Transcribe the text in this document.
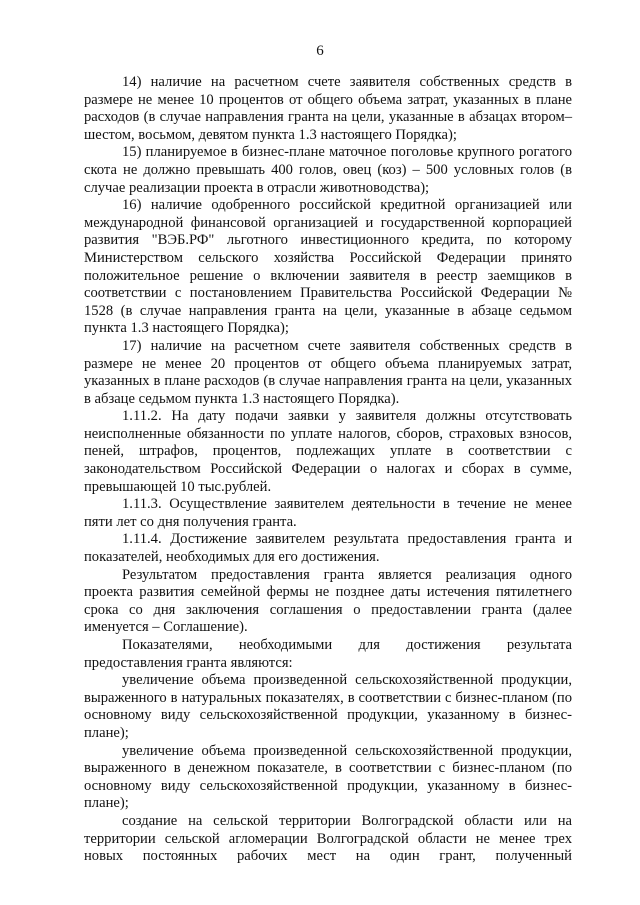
6

14) наличие на расчетном счете заявителя собственных средств в размере не менее 10 процентов от общего объема затрат, указанных в плане расходов (в случае направления гранта на цели, указанные в абзацах втором–шестом, восьмом, девятом пункта 1.3 настоящего Порядка);

15) планируемое в бизнес-плане маточное поголовье крупного рогатого скота не должно превышать 400 голов, овец (коз) – 500 условных голов (в случае реализации проекта в отрасли животноводства);

16) наличие одобренного российской кредитной организацией или международной финансовой организацией и государственной корпорацией развития "ВЭБ.РФ" льготного инвестиционного кредита, по которому Министерством сельского хозяйства Российской Федерации принято положительное решение о включении заявителя в реестр заемщиков в соответствии с постановлением Правительства Российской Федерации № 1528 (в случае направления гранта на цели, указанные в абзаце седьмом пункта 1.3 настоящего Порядка);

17) наличие на расчетном счете заявителя собственных средств в размере не менее 20 процентов от общего объема планируемых затрат, указанных в плане расходов (в случае направления гранта на цели, указанных в абзаце седьмом пункта 1.3 настоящего Порядка).

1.11.2. На дату подачи заявки у заявителя должны отсутствовать неисполненные обязанности по уплате налогов, сборов, страховых взносов, пеней, штрафов, процентов, подлежащих уплате в соответствии с законодательством Российской Федерации о налогах и сборах в сумме, превышающей 10 тыс.рублей.

1.11.3. Осуществление заявителем деятельности в течение не менее пяти лет со дня получения гранта.

1.11.4. Достижение заявителем результата предоставления гранта и показателей, необходимых для его достижения.

Результатом предоставления гранта является реализация одного проекта развития семейной фермы не позднее даты истечения пятилетнего срока со дня заключения соглашения о предоставлении гранта (далее именуется – Соглашение).

Показателями, необходимыми для достижения результата предоставления гранта являются:

увеличение объема произведенной сельскохозяйственной продукции, выраженного в натуральных показателях, в соответствии с бизнес-планом (по основному виду сельскохозяйственной продукции, указанному в бизнес-плане);

увеличение объема произведенной сельскохозяйственной продукции, выраженного в денежном показателе, в соответствии с бизнес-планом (по основному виду сельскохозяйственной продукции, указанному в бизнес-плане);

создание на сельской территории Волгоградской области или на территории сельской агломерации Волгоградской области не менее трех новых постоянных рабочих мест на один грант, полученный
